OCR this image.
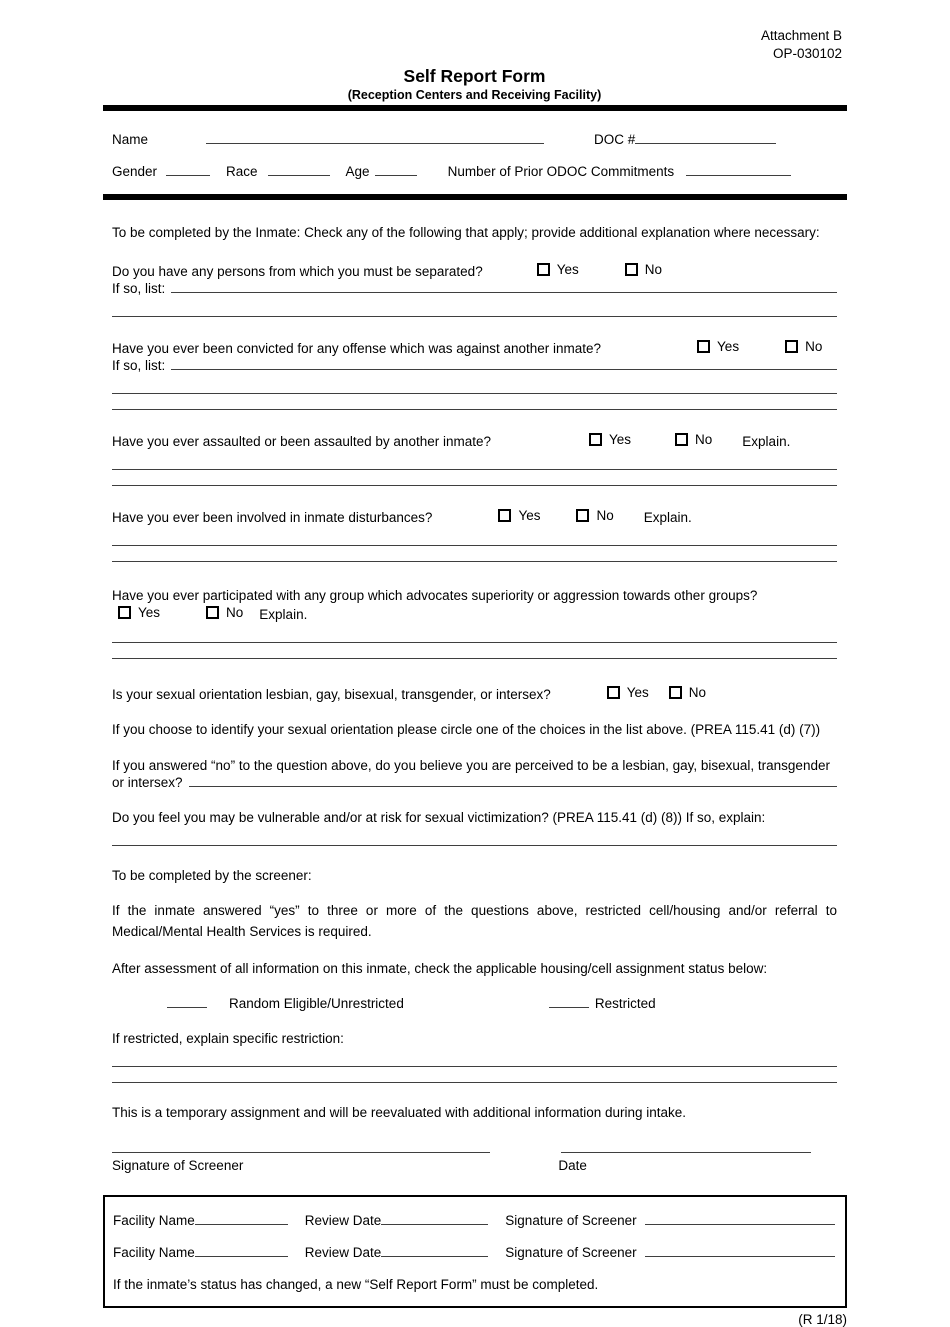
Attachment B
OP-030102
Self Report Form
(Reception Centers and Receiving Facility)
Name	DOC #
Gender	Race	Age	Number of Prior ODOC Commitments
To be completed by the Inmate: Check any of the following that apply; provide additional explanation where necessary:
Do you have any persons from which you must be separated?	Yes	No
If so, list:
Have you ever been convicted for any offense which was against another inmate?	Yes	No
If so, list:
Have you ever assaulted or been assaulted by another inmate?	Yes	No Explain.
Have you ever been involved in inmate disturbances?	Yes	No Explain.
Have you ever participated with any group which advocates superiority or aggression towards other groups?
Yes	No Explain.
Is your sexual orientation lesbian, gay, bisexual, transgender, or intersex?	Yes	No
If you choose to identify your sexual orientation please circle one of the choices in the list above. (PREA 115.41 (d) (7))
If you answered “no” to the question above, do you believe you are perceived to be a lesbian, gay, bisexual, transgender
or intersex?
Do you feel you may be vulnerable and/or at risk for sexual victimization? (PREA 115.41 (d) (8)) If so, explain:
To be completed by the screener:
If the inmate answered “yes” to three or more of the questions above, restricted cell/housing and/or referral to Medical/Mental Health Services is required.
After assessment of all information on this inmate, check the applicable housing/cell assignment status below:
Random Eligible/Unrestricted	Restricted
If restricted, explain specific restriction:
This is a temporary assignment and will be reevaluated with additional information during intake.
Signature of Screener	Date
Facility Name	Review Date	Signature of Screener
Facility Name	Review Date	Signature of Screener
If the inmate’s status has changed, a new “Self Report Form” must be completed.
(R 1/18)
